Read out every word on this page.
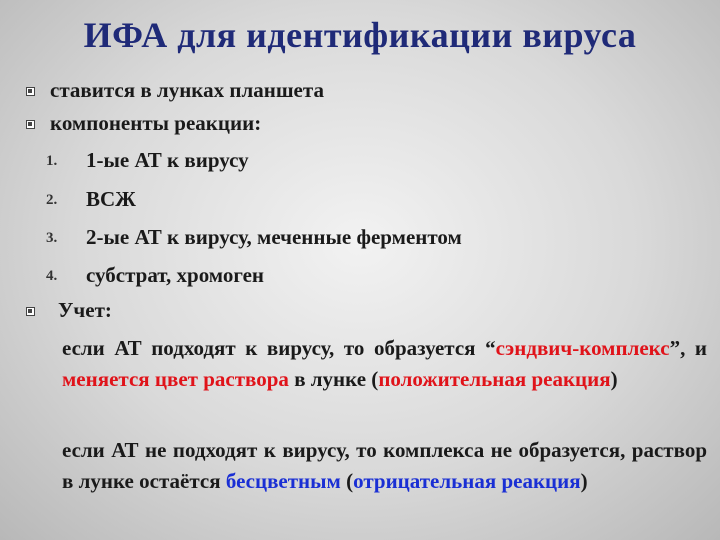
ИФА для идентификации вируса
ставится в лунках планшета
компоненты реакции:
1. 1-ые АТ к вирусу
2. ВСЖ
3. 2-ые АТ к вирусу, меченные ферментом
4. субстрат, хромоген
Учет:
если АТ подходят к вирусу, то образуется “сэндвич-комплекс”, и меняется цвет раствора в лунке (положительная реакция)
если АТ не подходят к вирусу, то комплекса не образуется, раствор в лунке остаётся бесцветным (отрицательная реакция)
